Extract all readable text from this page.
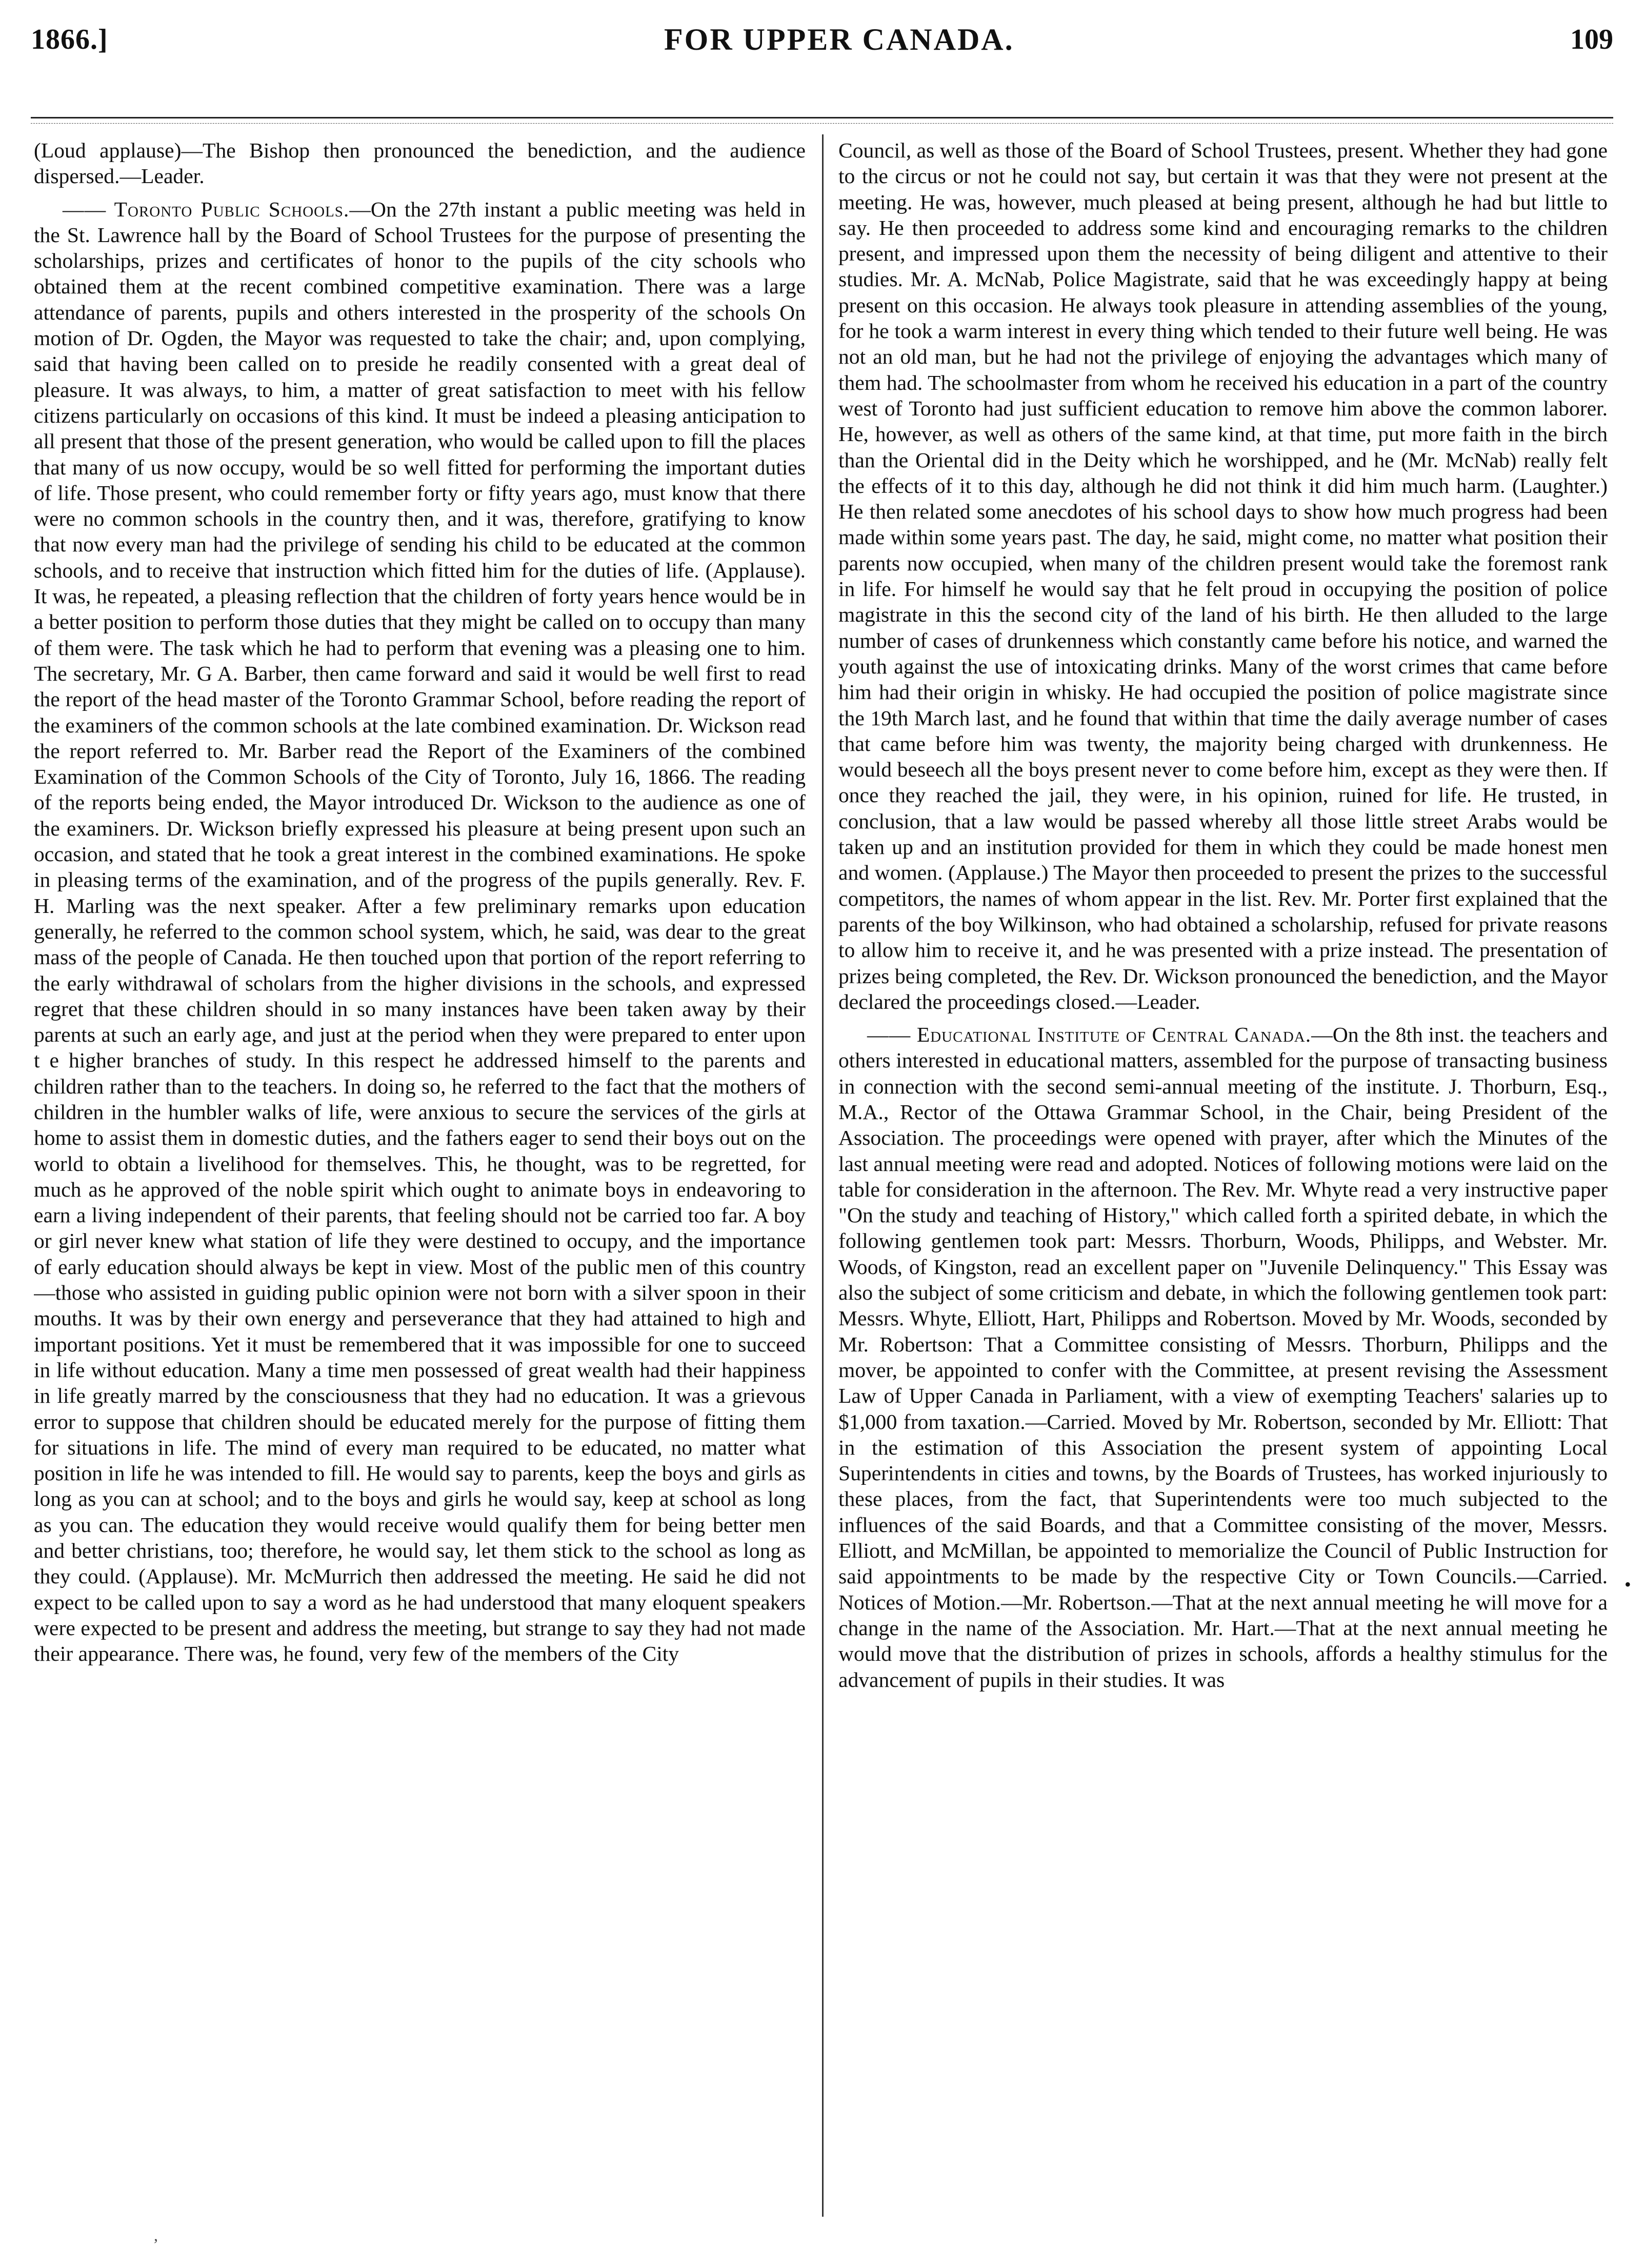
1866.]	FOR UPPER CANADA.	109

(Loud applause)—The Bishop then pronounced the benediction, and the audience dispersed.—Leader.

—— Toronto Public Schools.—On the 27th instant a public meeting was held in the St. Lawrence hall by the Board of School Trustees for the purpose of presenting the scholarships, prizes and certificates of honor to the pupils of the city schools who obtained them at the recent combined competitive examination. There was a large attendance of parents, pupils and others interested in the prosperity of the schools On motion of Dr. Ogden, the Mayor was requested to take the chair; and, upon complying, said that having been called on to preside he readily consented with a great deal of pleasure. It was always, to him, a matter of great satisfaction to meet with his fellow citizens particularly on occasions of this kind. It must be indeed a pleasing anticipation to all present that those of the present generation, who would be called upon to fill the places that many of us now occupy, would be so well fitted for performing the important duties of life. Those present, who could remember forty or fifty years ago, must know that there were no common schools in the country then, and it was, therefore, gratifying to know that now every man had the privilege of sending his child to be educated at the common schools, and to receive that instruction which fitted him for the duties of life. (Applause). It was, he repeated, a pleasing reflection that the children of forty years hence would be in a better position to perform those duties that they might be called on to occupy than many of them were. The task which he had to perform that evening was a pleasing one to him. The secretary, Mr. G A. Barber, then came forward and said it would be well first to read the report of the head master of the Toronto Grammar School, before reading the report of the examiners of the common schools at the late combined examination. Dr. Wickson read the report referred to. Mr. Barber read the Report of the Examiners of the combined Examination of the Common Schools of the City of Toronto, July 16, 1866. The reading of the reports being ended, the Mayor introduced Dr. Wickson to the audience as one of the examiners. Dr. Wickson briefly expressed his pleasure at being present upon such an occasion, and stated that he took a great interest in the combined examinations. He spoke in pleasing terms of the examination, and of the progress of the pupils generally. Rev. F. H. Marling was the next speaker. After a few preliminary remarks upon education generally, he referred to the common school system, which, he said, was dear to the great mass of the people of Canada. He then touched upon that portion of the report referring to the early withdrawal of scholars from the higher divisions in the schools, and expressed regret that these children should in so many instances have been taken away by their parents at such an early age, and just at the period when they were prepared to enter upon t e higher branches of study. In this respect he addressed himself to the parents and children rather than to the teachers. In doing so, he referred to the fact that the mothers of children in the humbler walks of life, were anxious to secure the services of the girls at home to assist them in domestic duties, and the fathers eager to send their boys out on the world to obtain a livelihood for themselves. This, he thought, was to be regretted, for much as he approved of the noble spirit which ought to animate boys in endeavoring to earn a living independent of their parents, that feeling should not be carried too far. A boy or girl never knew what station of life they were destined to occupy, and the importance of early education should always be kept in view. Most of the public men of this country—those who assisted in guiding public opinion were not born with a silver spoon in their mouths. It was by their own energy and perseverance that they had attained to high and important positions. Yet it must be remembered that it was impossible for one to succeed in life without education. Many a time men possessed of great wealth had their happiness in life greatly marred by the consciousness that they had no education. It was a grievous error to suppose that children should be educated merely for the purpose of fitting them for situations in life. The mind of every man required to be educated, no matter what position in life he was intended to fill. He would say to parents, keep the boys and girls as long as you can at school; and to the boys and girls he would say, keep at school as long as you can. The education they would receive would qualify them for being better men and better christians, too; therefore, he would say, let them stick to the school as long as they could. (Applause). Mr. McMurrich then addressed the meeting. He said he did not expect to be called upon to say a word as he had understood that many eloquent speakers were expected to be present and address the meeting, but strange to say they had not made their appearance. There was, he found, very few of the members of the City

Council, as well as those of the Board of School Trustees, present. Whether they had gone to the circus or not he could not say, but certain it was that they were not present at the meeting. He was, however, much pleased at being present, although he had but little to say. He then proceeded to address some kind and encouraging remarks to the children present, and impressed upon them the necessity of being diligent and attentive to their studies. Mr. A. McNab, Police Magistrate, said that he was exceedingly happy at being present on this occasion. He always took pleasure in attending assemblies of the young, for he took a warm interest in every thing which tended to their future well being. He was not an old man, but he had not the privilege of enjoying the advantages which many of them had. The schoolmaster from whom he received his education in a part of the country west of Toronto had just sufficient education to remove him above the common laborer. He, however, as well as others of the same kind, at that time, put more faith in the birch than the Oriental did in the Deity which he worshipped, and he (Mr. McNab) really felt the effects of it to this day, although he did not think it did him much harm. (Laughter.) He then related some anecdotes of his school days to show how much progress had been made within some years past. The day, he said, might come, no matter what position their parents now occupied, when many of the children present would take the foremost rank in life. For himself he would say that he felt proud in occupying the position of police magistrate in this the second city of the land of his birth. He then alluded to the large number of cases of drunkenness which constantly came before his notice, and warned the youth against the use of intoxicating drinks. Many of the worst crimes that came before him had their origin in whisky. He had occupied the position of police magistrate since the 19th March last, and he found that within that time the daily average number of cases that came before him was twenty, the majority being charged with drunkenness. He would beseech all the boys present never to come before him, except as they were then. If once they reached the jail, they were, in his opinion, ruined for life. He trusted, in conclusion, that a law would be passed whereby all those little street Arabs would be taken up and an institution provided for them in which they could be made honest men and women. (Applause.) The Mayor then proceeded to present the prizes to the successful competitors, the names of whom appear in the list. Rev. Mr. Porter first explained that the parents of the boy Wilkinson, who had obtained a scholarship, refused for private reasons to allow him to receive it, and he was presented with a prize instead. The presentation of prizes being completed, the Rev. Dr. Wickson pronounced the benediction, and the Mayor declared the proceedings closed.—Leader.

—— Educational Institute of Central Canada.—On the 8th inst. the teachers and others interested in educational matters, assembled for the purpose of transacting business in connection with the second semi-annual meeting of the institute. J. Thorburn, Esq., M.A., Rector of the Ottawa Grammar School, in the Chair, being President of the Association. The proceedings were opened with prayer, after which the Minutes of the last annual meeting were read and adopted. Notices of following motions were laid on the table for consideration in the afternoon. The Rev. Mr. Whyte read a very instructive paper "On the study and teaching of History," which called forth a spirited debate, in which the following gentlemen took part: Messrs. Thorburn, Woods, Philipps, and Webster. Mr. Woods, of Kingston, read an excellent paper on "Juvenile Delinquency." This Essay was also the subject of some criticism and debate, in which the following gentlemen took part: Messrs. Whyte, Elliott, Hart, Philipps and Robertson. Moved by Mr. Woods, seconded by Mr. Robertson: That a Committee consisting of Messrs. Thorburn, Philipps and the mover, be appointed to confer with the Committee, at present revising the Assessment Law of Upper Canada in Parliament, with a view of exempting Teachers' salaries up to $1,000 from taxation.—Carried. Moved by Mr. Robertson, seconded by Mr. Elliott: That in the estimation of this Association the present system of appointing Local Superintendents in cities and towns, by the Boards of Trustees, has worked injuriously to these places, from the fact, that Superintendents were too much subjected to the influences of the said Boards, and that a Committee consisting of the mover, Messrs. Elliott, and McMillan, be appointed to memorialize the Council of Public Instruction for said appointments to be made by the respective City or Town Councils.—Carried. Notices of Motion.—Mr. Robertson.—That at the next annual meeting he will move for a change in the name of the Association. Mr. Hart.—That at the next annual meeting he would move that the distribution of prizes in schools, affords a healthy stimulus for the advancement of pupils in their studies. It was

•
,
